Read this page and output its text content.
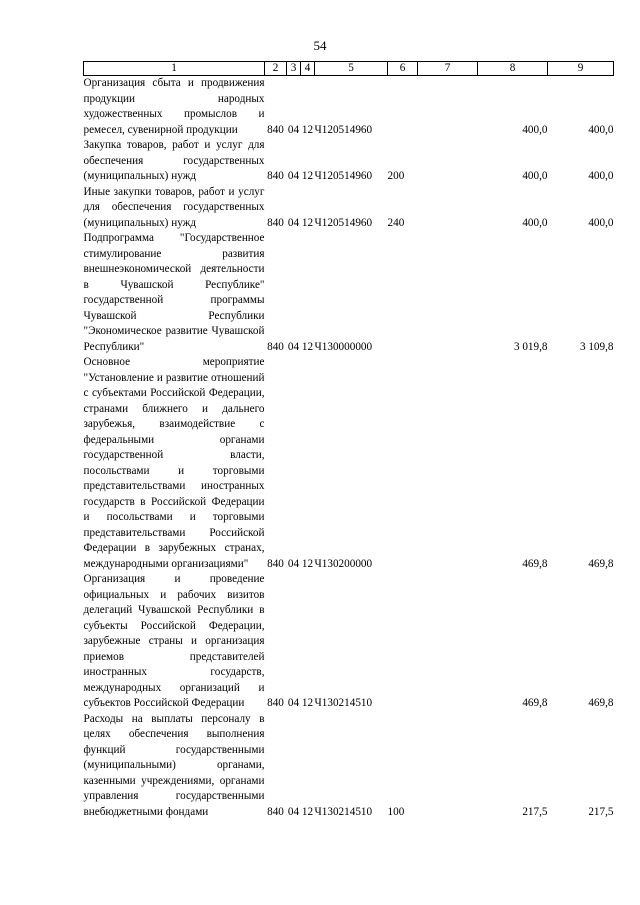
54
1	2	3	4	5	6	7	8	9
Организация сбыта и продвижения продукции народных художественных промыслов и ремесел, сувенирной продукции	840	04	12	Ч120514960			400,0	400,0
Закупка товаров, работ и услуг для обеспечения государственных (муниципальных) нужд	840	04	12	Ч120514960	200		400,0	400,0
Иные закупки товаров, работ и услуг для обеспечения государственных (муниципальных) нужд	840	04	12	Ч120514960	240		400,0	400,0
Подпрограмма "Государственное стимулирование развития внешнеэкономической деятельности в Чувашской Республике" государственной программы Чувашской Республики "Экономическое развитие Чувашской Республики"	840	04	12	Ч130000000			3 019,8	3 109,8
Основное мероприятие "Установление и развитие отношений с субъектами Российской Федерации, странами ближнего и дальнего зарубежья, взаимодействие с федеральными органами государственной власти, посольствами и торговыми представительствами иностранных государств в Российской Федерации и посольствами и торговыми представительствами Российской Федерации в зарубежных странах, международными организациями"	840	04	12	Ч130200000			469,8	469,8
Организация и проведение официальных и рабочих визитов делегаций Чувашской Республики в субъекты Российской Федерации, зарубежные страны и организация приемов представителей иностранных государств, международных организаций и субъектов Российской Федерации	840	04	12	Ч130214510			469,8	469,8
Расходы на выплаты персоналу в целях обеспечения выполнения функций государственными (муниципальными) органами, казенными учреждениями, органами управления государственными внебюджетными фондами	840	04	12	Ч130214510	100		217,5	217,5
